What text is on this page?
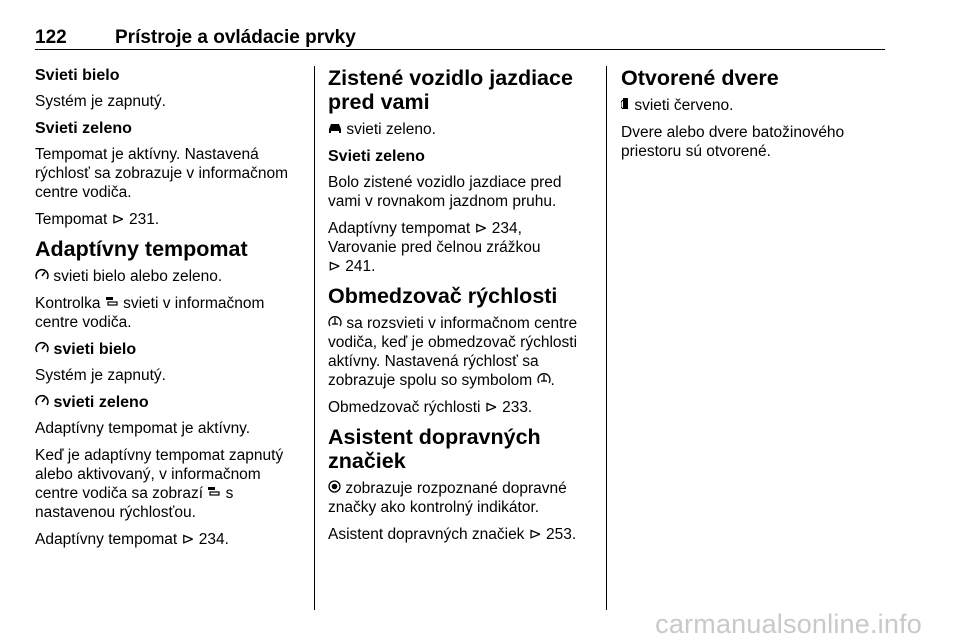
122	Prístroje a ovládacie prvky
Svieti bielo

Systém je zapnutý.

Svieti zeleno

Tempomat je aktívny. Nastavená rýchlosť sa zobrazuje v informačnom centre vodiča.

Tempomat ⊳ 231.

Adaptívny tempomat

svieti bielo alebo zeleno.

Kontrolka svieti v informačnom centre vodiča.

svieti bielo

Systém je zapnutý.

svieti zeleno

Adaptívny tempomat je aktívny.

Keď je adaptívny tempomat zapnutý alebo aktivovaný, v informačnom centre vodiča sa zobrazí s nastavenou rýchlosťou.

Adaptívny tempomat ⊳ 234.

Zistené vozidlo jazdiace pred vami

svieti zeleno.

Svieti zeleno

Bolo zistené vozidlo jazdiace pred vami v rovnakom jazdnom pruhu.

Adaptívny tempomat ⊳ 234,
Varovanie pred čelnou zrážkou
⊳ 241.

Obmedzovač rýchlosti

sa rozsvieti v informačnom centre vodiča, keď je obmedzovač rýchlosti aktívny. Nastavená rýchlosť sa zobrazuje spolu so symbolom .

Obmedzovač rýchlosti ⊳ 233.

Asistent dopravných značiek

zobrazuje rozpoznané dopravné značky ako kontrolný indikátor.

Asistent dopravných značiek ⊳ 253.

Otvorené dvere

svieti červeno.

Dvere alebo dvere batožinového priestoru sú otvorené.

carmanualsonline.info
